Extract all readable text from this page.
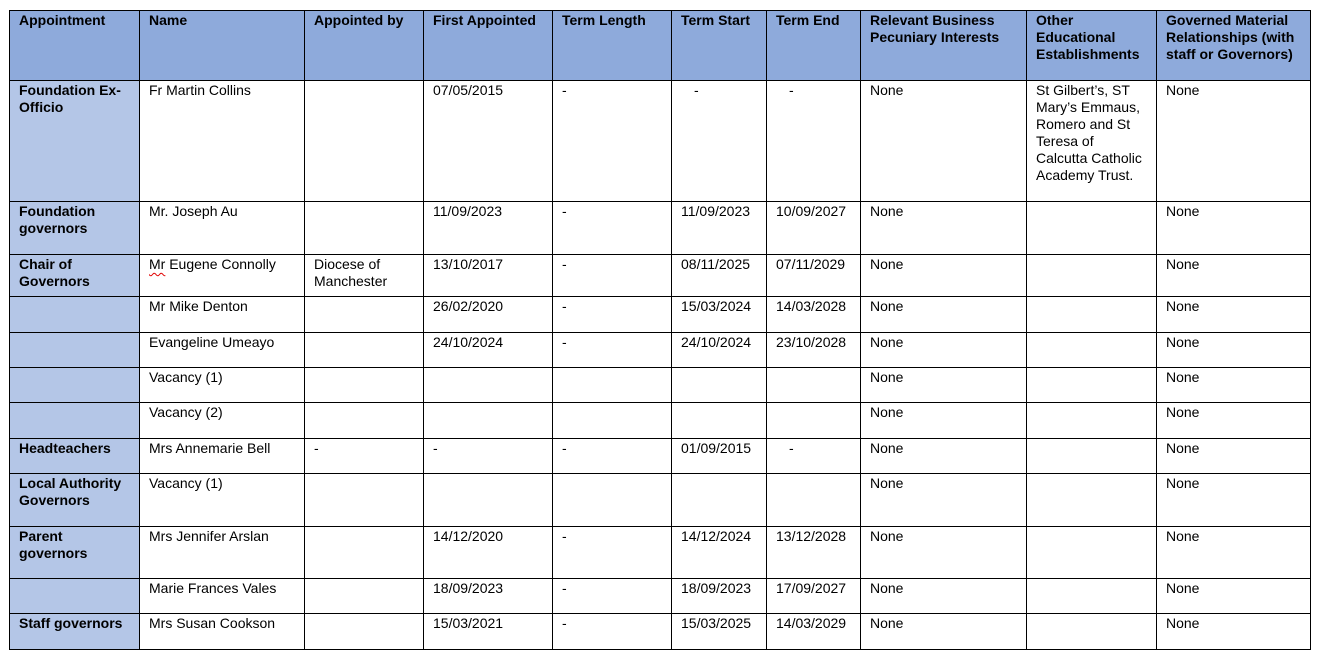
Appointment	Name	Appointed by	First Appointed	Term Length	Term Start	Term End	Relevant Business Pecuniary Interests	Other Educational Establishments	Governed Material Relationships (with staff or Governors)
Foundation Ex-Officio	Fr Martin Collins		07/05/2015	-	-	-	None	St Gilbert’s, ST Mary’s Emmaus, Romero and St Teresa of Calcutta Catholic Academy Trust.	None
Foundation governors	Mr. Joseph Au		11/09/2023	-	11/09/2023	10/09/2027	None		None
Chair of Governors	Mr Eugene Connolly	Diocese of Manchester	13/10/2017	-	08/11/2025	07/11/2029	None		None
	Mr Mike Denton		26/02/2020	-	15/03/2024	14/03/2028	None		None
	Evangeline Umeayo		24/10/2024	-	24/10/2024	23/10/2028	None		None
	Vacancy (1)						None		None
	Vacancy (2)						None		None
Headteachers	Mrs Annemarie Bell	-	-	-	01/09/2015	-	None		None
Local Authority Governors	Vacancy (1)						None		None
Parent governors	Mrs Jennifer Arslan		14/12/2020	-	14/12/2024	13/12/2028	None		None
	Marie Frances Vales		18/09/2023	-	18/09/2023	17/09/2027	None		None
Staff governors	Mrs Susan Cookson		15/03/2021	-	15/03/2025	14/03/2029	None		None
